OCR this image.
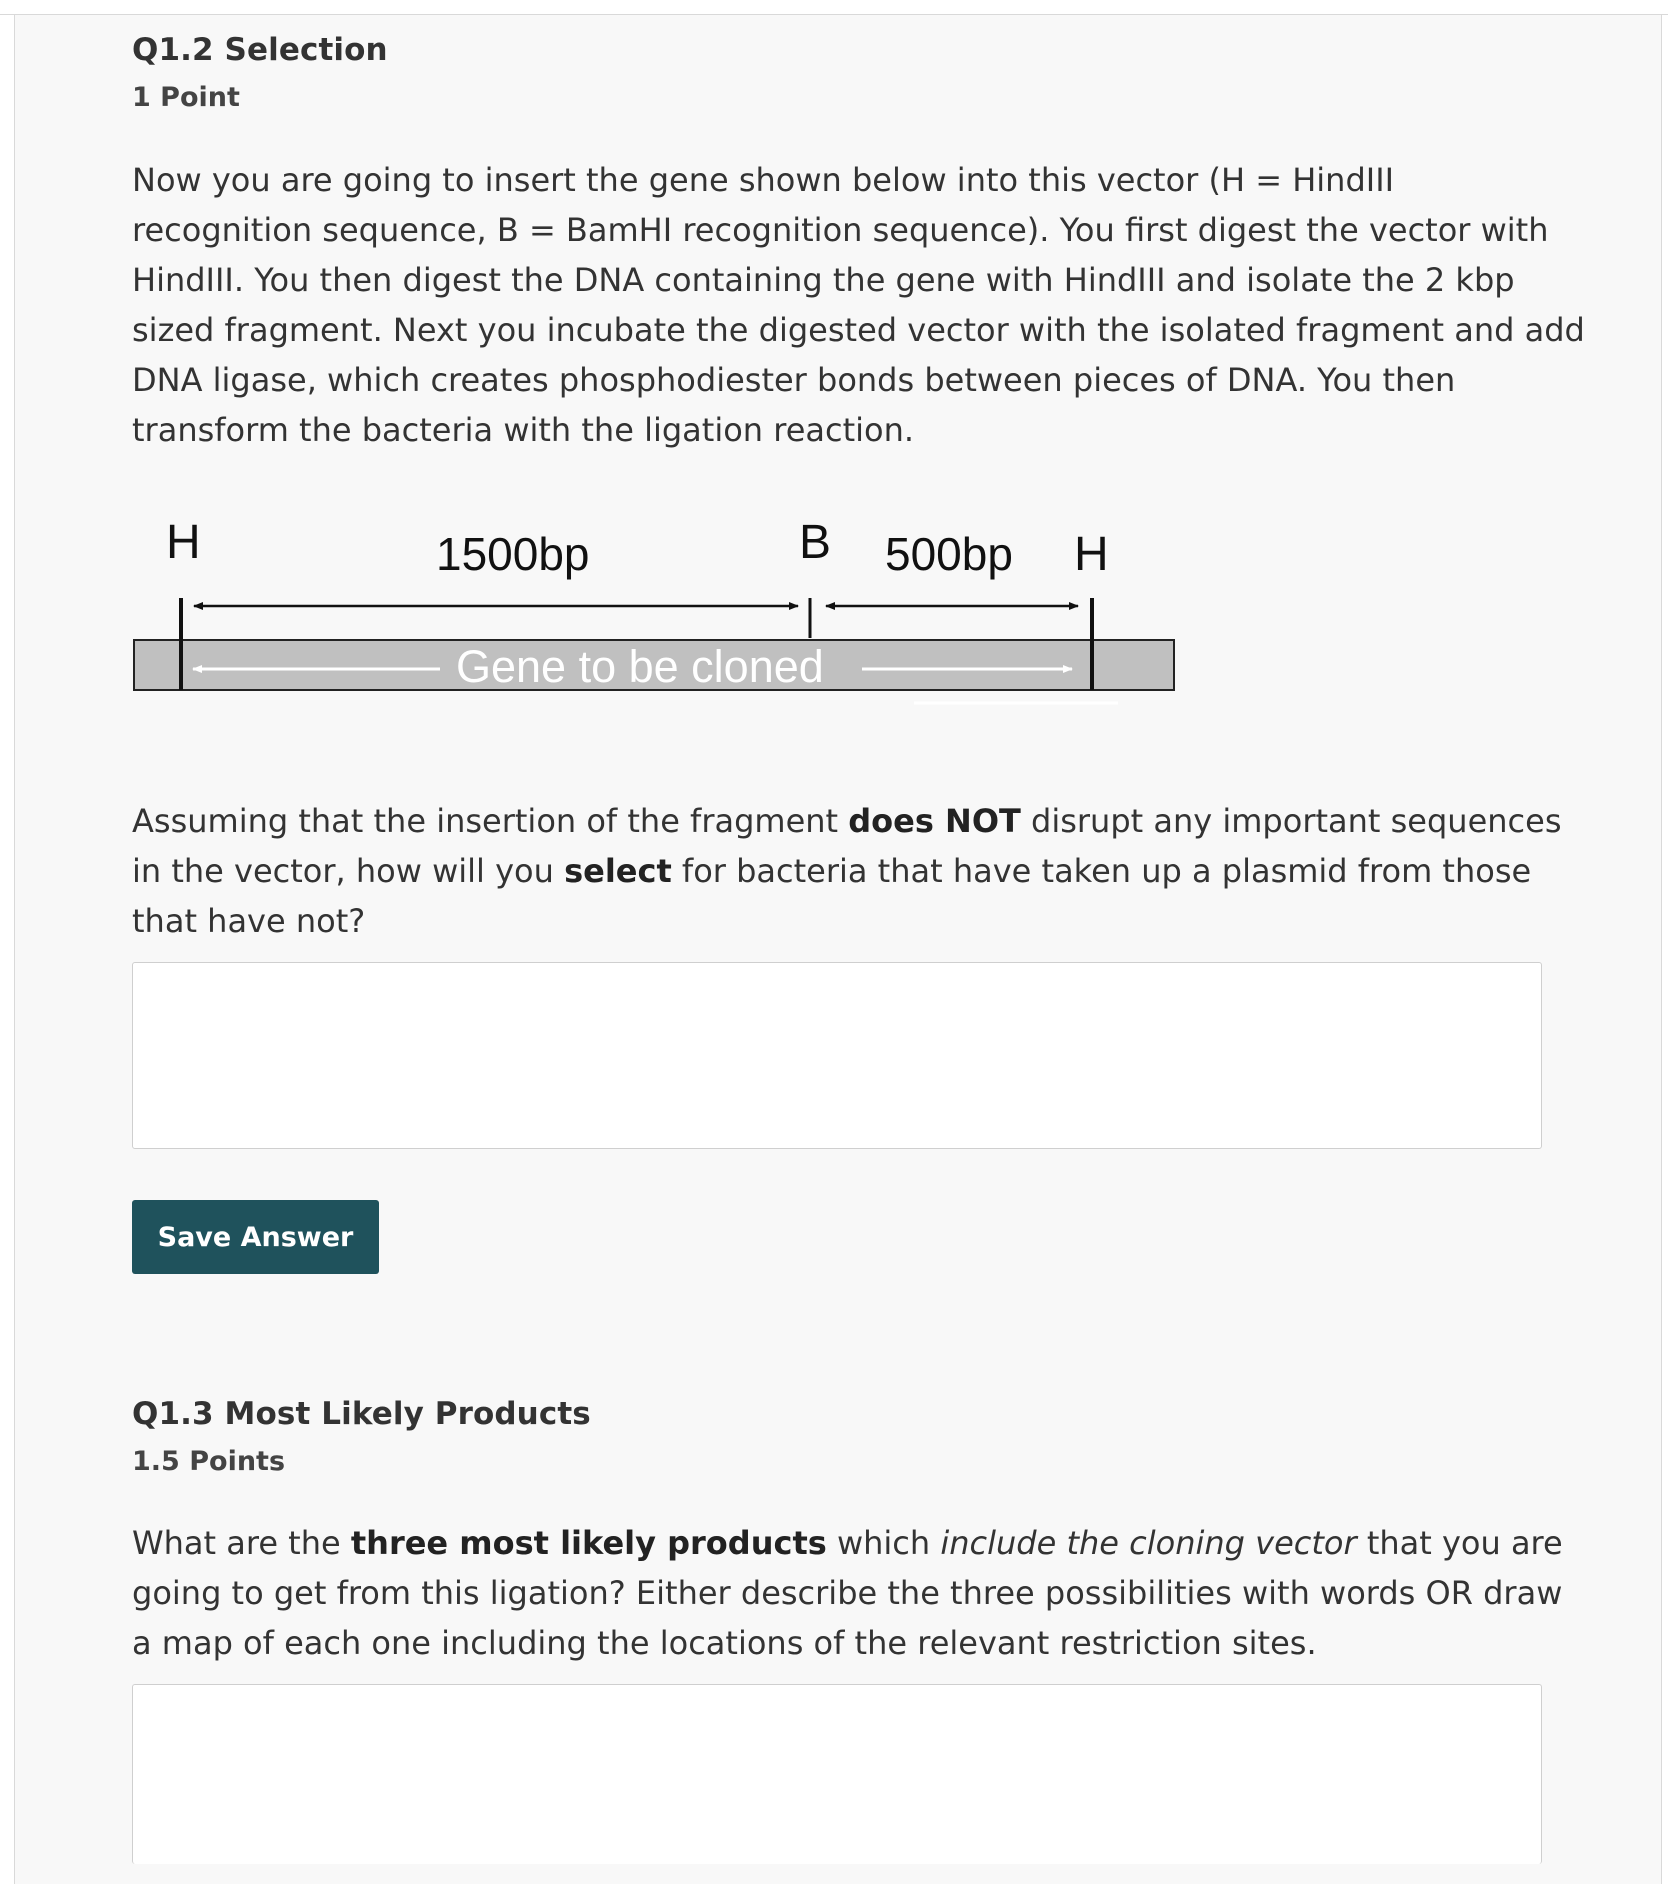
Q1.2 Selection
1 Point
Now you are going to insert the gene shown below into this vector (H = HindIII
recognition sequence, B = BamHI recognition sequence). You first digest the vector with
HindIII. You then digest the DNA containing the gene with HindIII and isolate the 2 kbp
sized fragment. Next you incubate the digested vector with the isolated fragment and add
DNA ligase, which creates phosphodiester bonds between pieces of DNA. You then
transform the bacteria with the ligation reaction.
H	1500bp	B 500bp H
Gene to be cloned
Assuming that the insertion of the fragment does NOT disrupt any important sequences
in the vector, how will you select for bacteria that have taken up a plasmid from those
that have not?
Save Answer
Q1.3 Most Likely Products
1.5 Points
What are the three most likely products which include the cloning vector that you are
going to get from this ligation? Either describe the three possibilities with words OR draw
a map of each one including the locations of the relevant restriction sites.
